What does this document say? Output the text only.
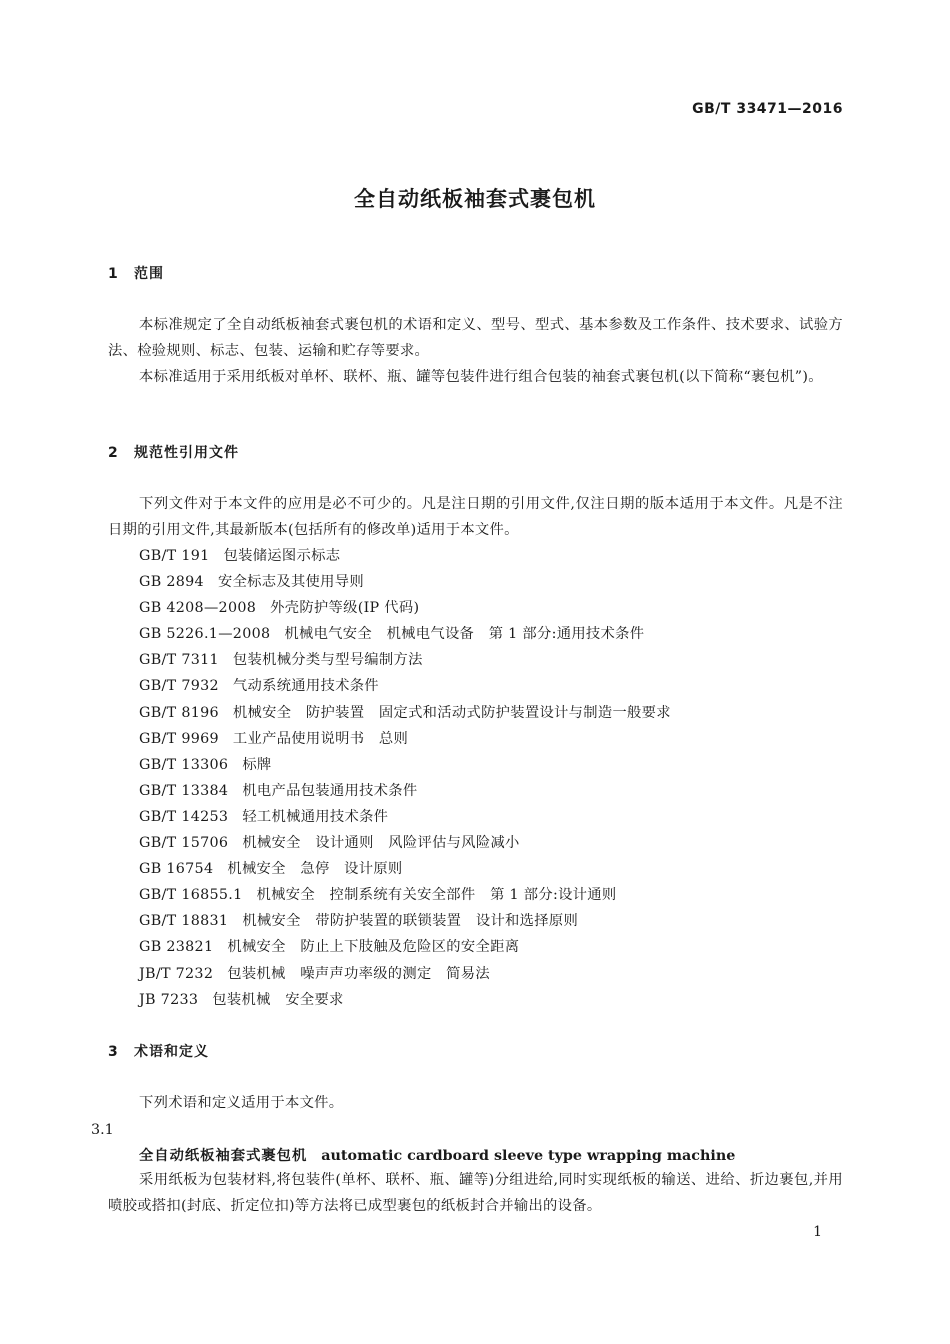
GB/T 33471—2016
全自动纸板袖套式裹包机
1 范围
本标准规定了全自动纸板袖套式裹包机的术语和定义、型号、型式、基本参数及工作条件、技术要求、试验方法、检验规则、标志、包装、运输和贮存等要求。
本标准适用于采用纸板对单杯、联杯、瓶、罐等包装件进行组合包装的袖套式裹包机(以下简称“裹包机”)。
2 规范性引用文件
下列文件对于本文件的应用是必不可少的。凡是注日期的引用文件,仅注日期的版本适用于本文件。凡是不注日期的引用文件,其最新版本(包括所有的修改单)适用于本文件。
GB/T 191 包装储运图示标志
GB 2894 安全标志及其使用导则
GB 4208—2008 外壳防护等级(IP 代码)
GB 5226.1—2008 机械电气安全　机械电气设备　第 1 部分:通用技术条件
GB/T 7311 包装机械分类与型号编制方法
GB/T 7932 气动系统通用技术条件
GB/T 8196 机械安全　防护装置　固定式和活动式防护装置设计与制造一般要求
GB/T 9969 工业产品使用说明书　总则
GB/T 13306 标牌
GB/T 13384 机电产品包装通用技术条件
GB/T 14253 轻工机械通用技术条件
GB/T 15706 机械安全　设计通则　风险评估与风险减小
GB 16754 机械安全　急停　设计原则
GB/T 16855.1 机械安全　控制系统有关安全部件　第 1 部分:设计通则
GB/T 18831 机械安全　带防护装置的联锁装置　设计和选择原则
GB 23821 机械安全　防止上下肢触及危险区的安全距离
JB/T 7232 包装机械　噪声声功率级的测定　简易法
JB 7233 包装机械　安全要求
3 术语和定义
下列术语和定义适用于本文件。
3.1
全自动纸板袖套式裹包机 automatic cardboard sleeve type wrapping machine
采用纸板为包装材料,将包装件(单杯、联杯、瓶、罐等)分组进给,同时实现纸板的输送、进给、折边裹包,并用喷胶或搭扣(封底、折定位扣)等方法将已成型裹包的纸板封合并输出的设备。
1
